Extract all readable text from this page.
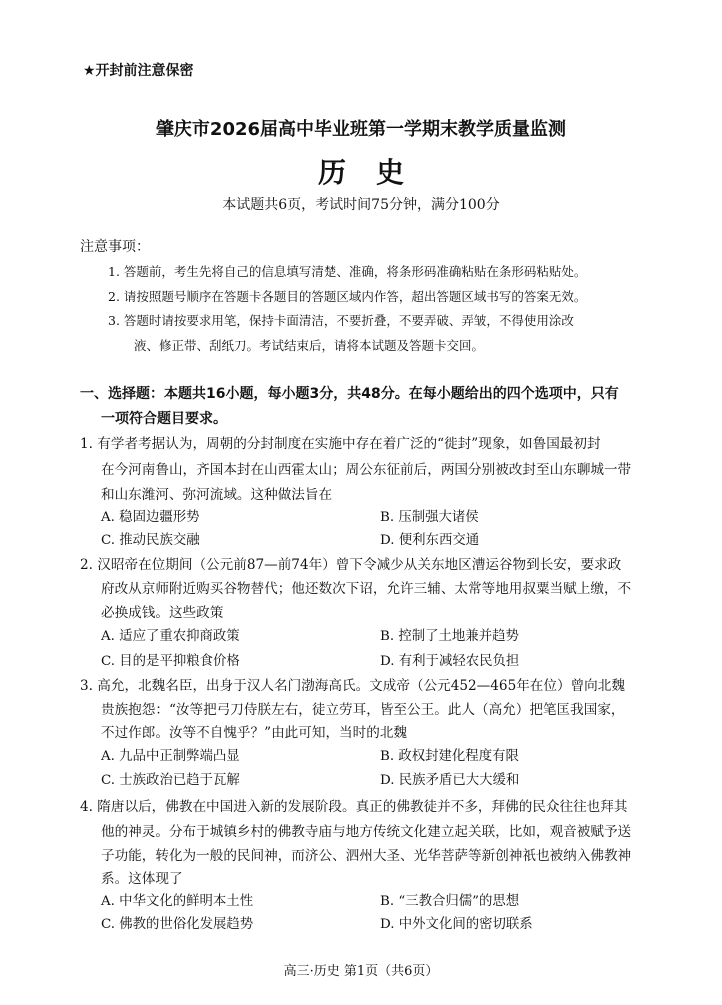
★开封前注意保密
肇庆市2026届高中毕业班第一学期末教学质量监测
历史
本试题共6页，考试时间75分钟，满分100分
注意事项：
1. 答题前，考生先将自己的信息填写清楚、准确，将条形码准确粘贴在条形码粘贴处。
2. 请按照题号顺序在答题卡各题目的答题区域内作答，超出答题区域书写的答案无效。
3. 答题时请按要求用笔，保持卡面清洁，不要折叠，不要弄破、弄皱，不得使用涂改
液、修正带、刮纸刀。考试结束后，请将本试题及答题卡交回。
一、选择题：本题共16小题，每小题3分，共48分。在每小题给出的四个选项中，只有
一项符合题目要求。
1. 有学者考据认为，周朝的分封制度在实施中存在着广泛的“徙封”现象，如鲁国最初封
在今河南鲁山，齐国本封在山西霍太山；周公东征前后，两国分别被改封至山东聊城一带
和山东潍河、弥河流域。这种做法旨在
A. 稳固边疆形势	B. 压制强大诸侯
C. 推动民族交融	D. 便利东西交通
2. 汉昭帝在位期间（公元前87—前74年）曾下令减少从关东地区漕运谷物到长安，要求政
府改从京师附近购买谷物替代；他还数次下诏，允许三辅、太常等地用叔粟当赋上缴，不
必换成钱。这些政策
A. 适应了重农抑商政策	B. 控制了土地兼并趋势
C. 目的是平抑粮食价格	D. 有利于减轻农民负担
3. 高允，北魏名臣，出身于汉人名门渤海高氏。文成帝（公元452—465年在位）曾向北魏
贵族抱怨：“汝等把弓刀侍朕左右，徒立劳耳，皆至公王。此人（高允）把笔匡我国家，
不过作郎。汝等不自愧乎？”由此可知，当时的北魏
A. 九品中正制弊端凸显	B. 政权封建化程度有限
C. 士族政治已趋于瓦解	D. 民族矛盾已大大缓和
4. 隋唐以后，佛教在中国进入新的发展阶段。真正的佛教徒并不多，拜佛的民众往往也拜其
他的神灵。分布于城镇乡村的佛教寺庙与地方传统文化建立起关联，比如，观音被赋予送
子功能，转化为一般的民间神，而济公、泗州大圣、光华菩萨等新创神祇也被纳入佛教神
系。这体现了
A. 中华文化的鲜明本土性	B. “三教合归儒”的思想
C. 佛教的世俗化发展趋势	D. 中外文化间的密切联系
高三·历史 第1页（共6页）
